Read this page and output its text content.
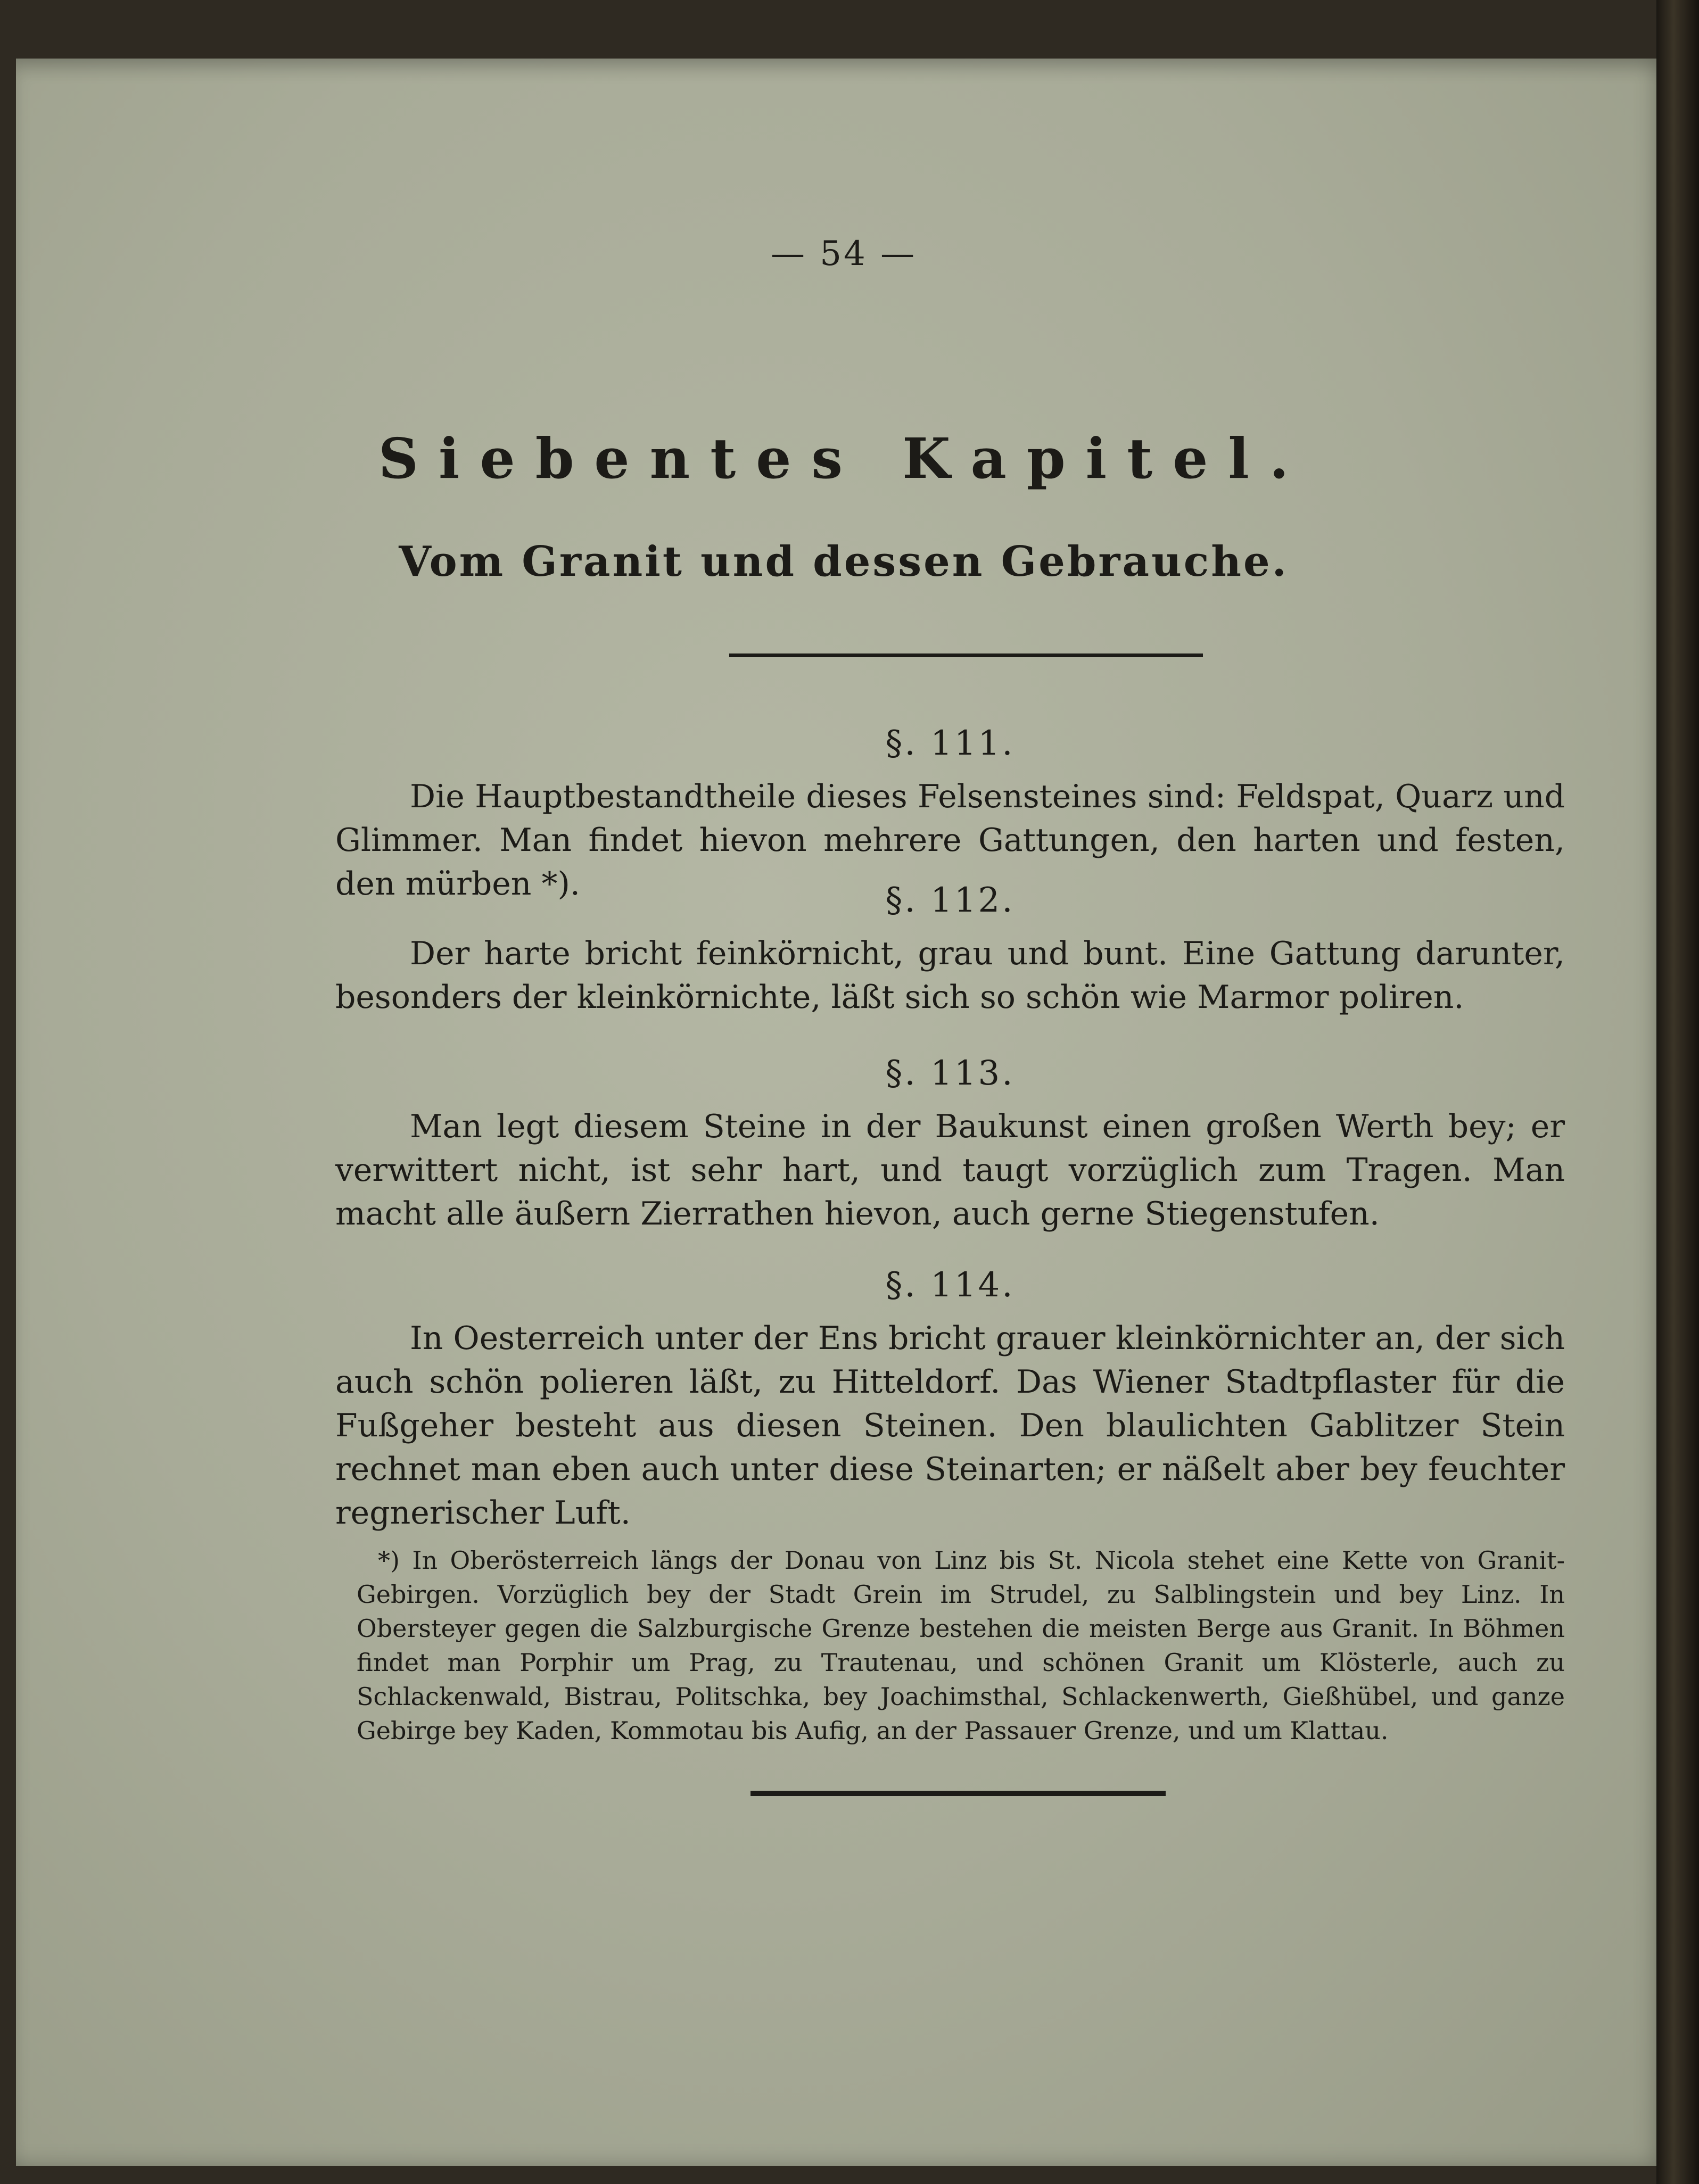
— 54 —
Siebentes Kapitel.
Vom Granit und dessen Gebrauche.
§. 111.

Die Hauptbestandtheile dieses Felsensteines sind: Feldspat, Quarz und Glimmer. Man findet hievon mehrere Gattungen, den harten und festen, den mürben *).	§. 112.

Der harte bricht feinkörnicht, grau und bunt. Eine Gattung darunter, besonders der kleinkörnichte, läßt sich so schön wie Marmor poliren.

§. 113.

Man legt diesem Steine in der Baukunst einen großen Werth bey; er verwittert nicht, ist sehr hart, und taugt vorzüglich zum Tragen. Man macht alle äußern Zierrathen hievon, auch gerne Stiegenstufen.

§. 114.

In Oesterreich unter der Ens bricht grauer kleinkörnichter an, der sich auch schön polieren läßt, zu Hitteldorf. Das Wiener Stadtpflaster für die Fußgeher besteht aus diesen Steinen. Den blaulichten Gablitzer Stein rechnet man eben auch unter diese Steinarten; er näßelt aber bey feuchter regnerischer Luft.

*) In Oberösterreich längs der Donau von Linz bis St. Nicola stehet eine Kette von Granit-Gebirgen. Vorzüglich bey der Stadt Grein im Strudel, zu Salblingstein und bey Linz. In Obersteyer gegen die Salzburgische Grenze bestehen die meisten Berge aus Granit. In Böhmen findet man Porphir um Prag, zu Trautenau, und schönen Granit um Klösterle, auch zu Schlackenwald, Bistrau, Politschka, bey Joachimsthal, Schlackenwerth, Gießhübel, und ganze Gebirge bey Kaden, Kommotau bis Aufig, an der Passauer Grenze, und um Klattau.
